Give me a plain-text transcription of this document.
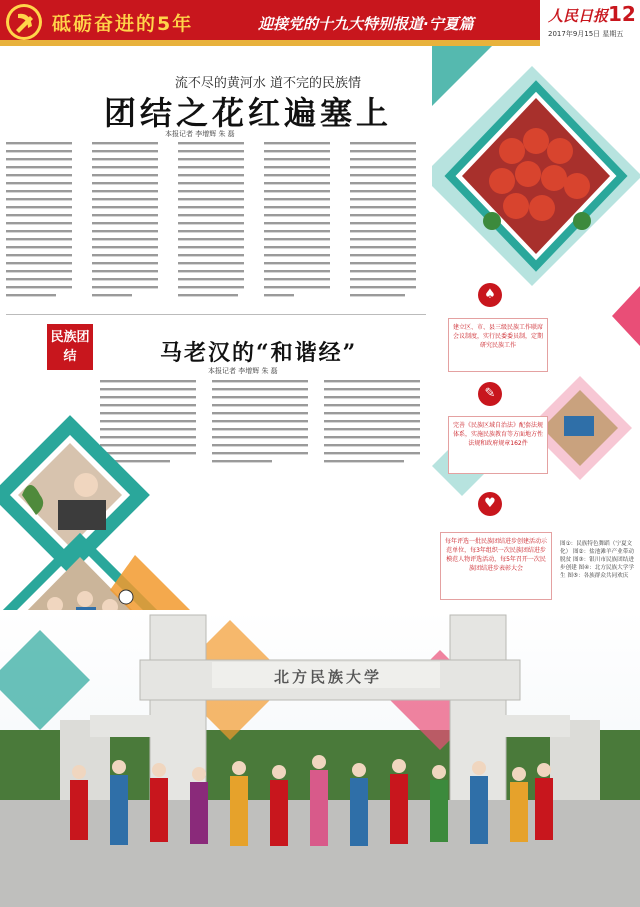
砥砺奋进的5年	迎接党的十九大特别报道·宁夏篇	人民日报 12
2017年9月15日 星期五
流不尽的黄河水 道不完的民族情
团结之花红遍塞上
本报记者 李增辉 朱 磊
民族团结	马老汉的“和谐经”
本报记者 李增辉 朱 磊
♠
建立区、市、县三级民族工作联席会议制度，实行民委委员制，定期研究民族工作
✎
完善《民族区域自治法》配套法规体系，实施民族教育等方面地方性法规和政府规章162件
♥
每年评选一批民族团结进步创建活动示范单位，每3年组织一次民族团结进步模范人物评选活动，每5年召开一次民族团结进步表彰大会
图①：民族特色舞蹈（宁夏文化） 图②：盐池滩羊产业带动脱贫 图③：银川市民族团结进步创建 图④：北方民族大学学生 图⑤：各族群众共同欢庆
北方民族大学
